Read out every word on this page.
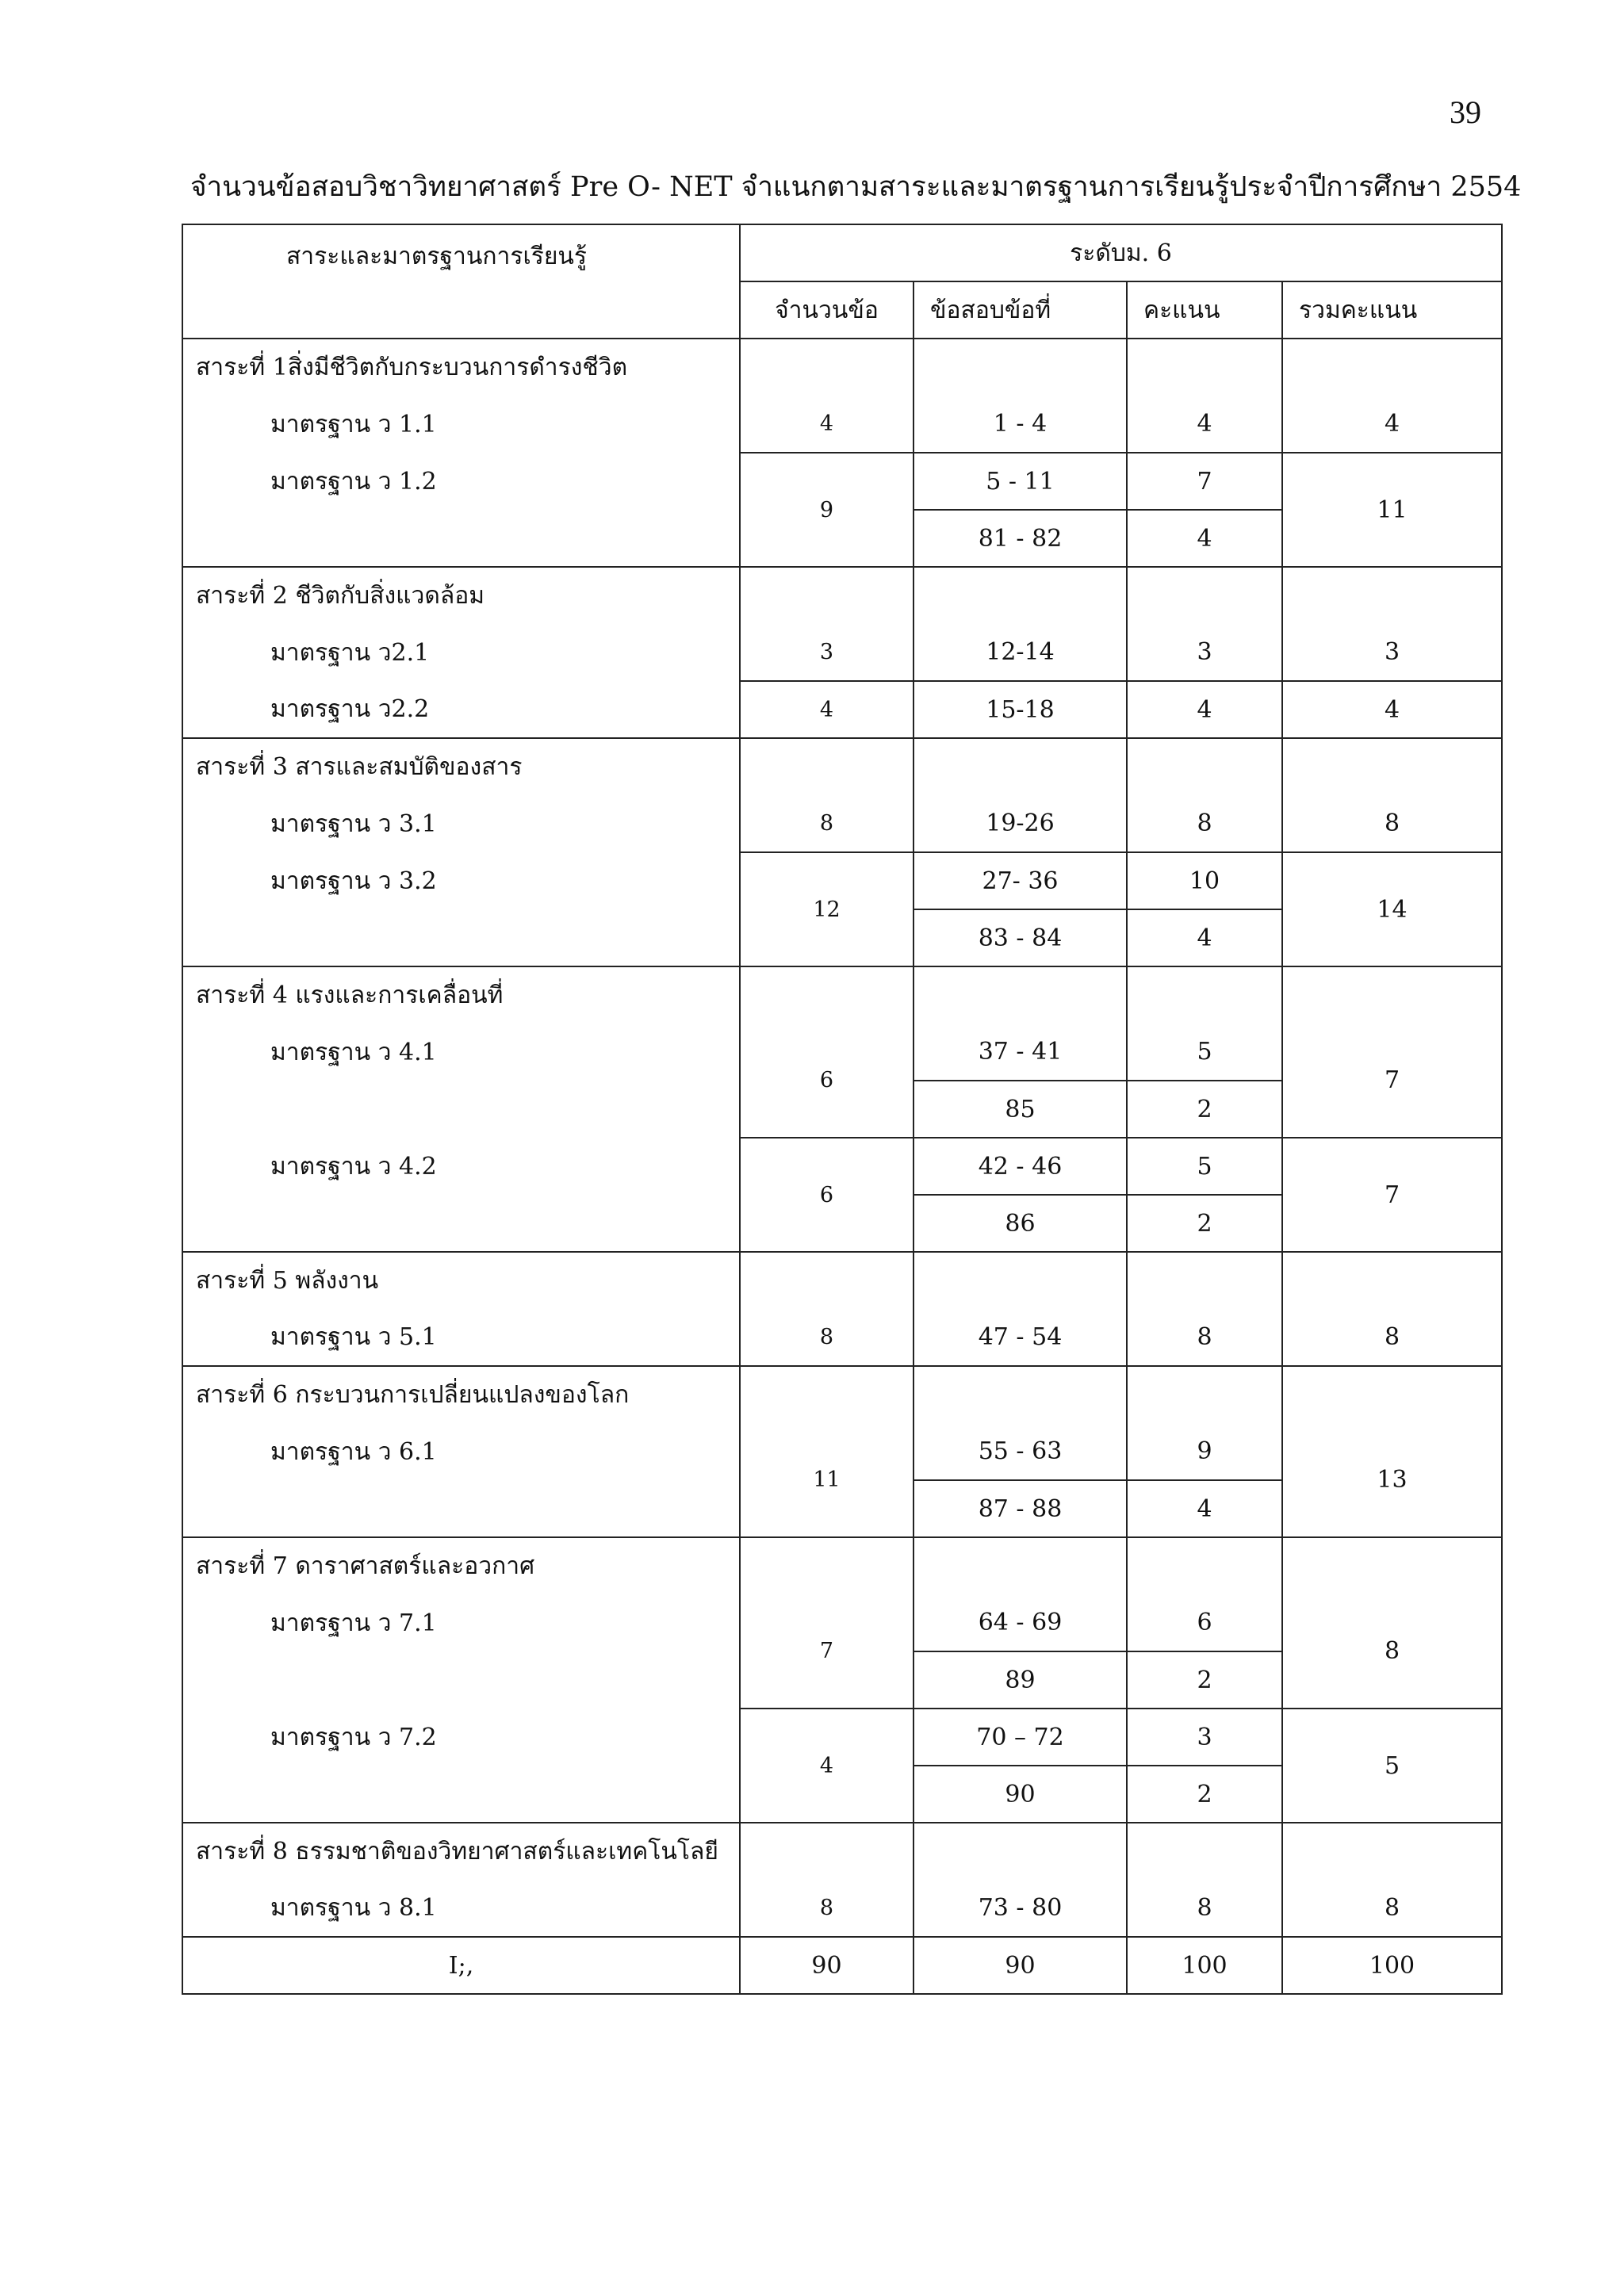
39
จำนวนข้อสอบวิชาวิทยาศาสตร์ Pre O- NET จำแนกตามสาระและมาตรฐานการเรียนรู้ประจำปีการศึกษา 2554
สาระและมาตรฐานการเรียนรู้	ระดับม. 6			
	จำนวนข้อ	ข้อสอบข้อที่	คะแนน	รวมคะแนน
สาระที่ 1สิ่งมีชีวิตกับกระบวนการดำรงชีวิต				
มาตรฐาน ว 1.1	4	1 - 4	4	4
มาตรฐาน ว 1.2	9	5 - 11	7	11
		81 - 82	4	
สาระที่ 2 ชีวิตกับสิ่งแวดล้อม				
มาตรฐาน ว2.1	3	12-14	3	3
มาตรฐาน ว2.2	4	15-18	4	4
สาระที่ 3 สารและสมบัติของสาร				
มาตรฐาน ว 3.1	8	19-26	8	8
มาตรฐาน ว 3.2	12	27- 36	10	14
		83 - 84	4	
สาระที่ 4 แรงและการเคลื่อนที่				
มาตรฐาน ว 4.1	6	37 - 41	5	7
		85	2	
มาตรฐาน ว 4.2	6	42 - 46	5	7
		86	2	
สาระที่ 5 พลังงาน				
มาตรฐาน ว 5.1	8	47 - 54	8	8
สาระที่ 6 กระบวนการเปลี่ยนแปลงของโลก				
มาตรฐาน ว 6.1	11	55 - 63	9	13
		87 - 88	4	
สาระที่ 7 ดาราศาสตร์และอวกาศ				
มาตรฐาน ว 7.1	7	64 - 69	6	8
		89	2	
มาตรฐาน ว 7.2	4	70 – 72	3	5
		90	2	
สาระที่ 8 ธรรมชาติของวิทยาศาสตร์และเทคโนโลยี				
มาตรฐาน ว 8.1	8	73 - 80	8	8
I;,	90	90	100	100
